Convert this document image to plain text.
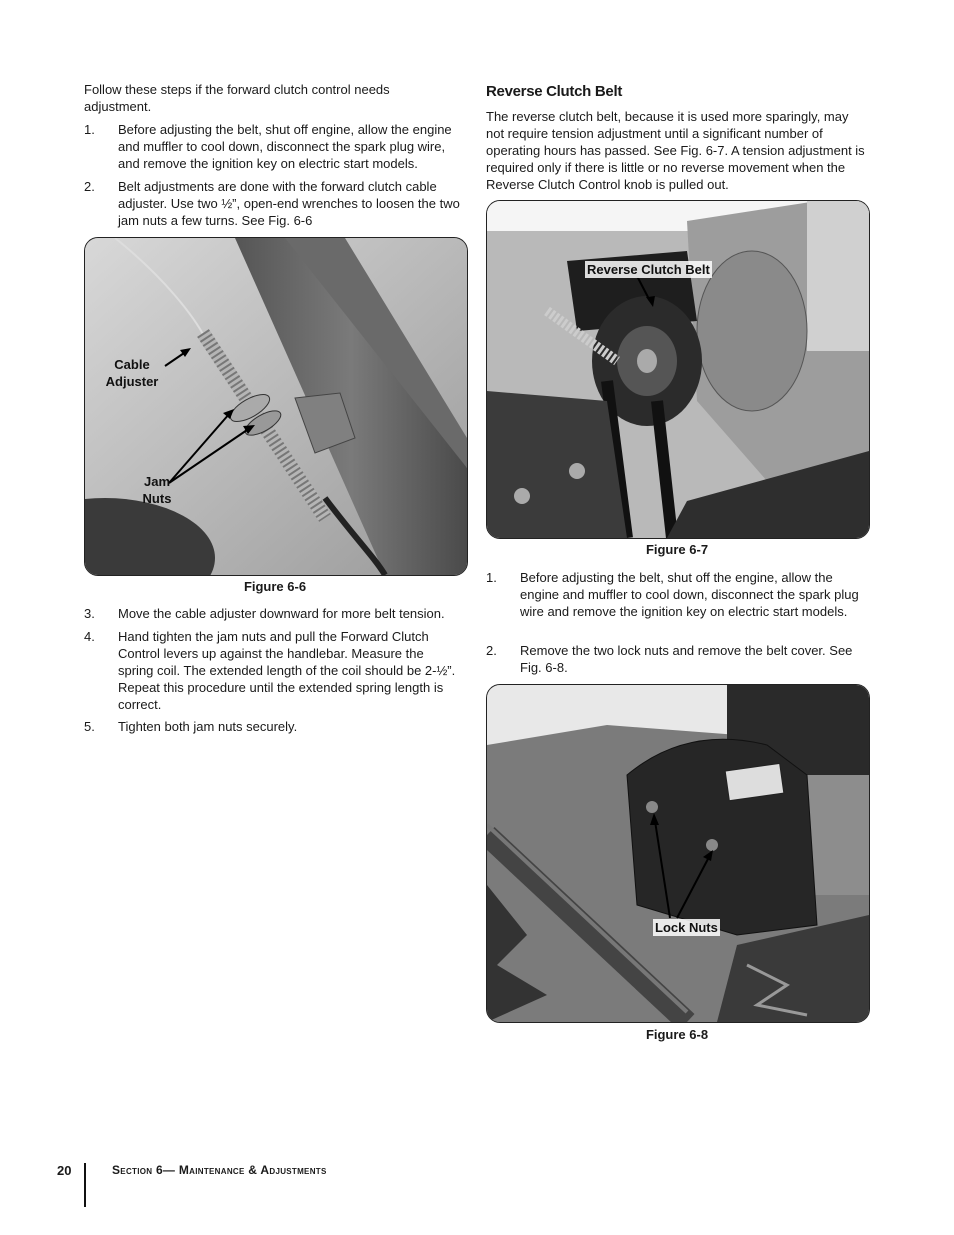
Follow these steps if the forward clutch control needs adjustment.
1. Before adjusting the belt, shut off engine, allow the engine and muffler to cool down, disconnect the spark plug wire, and remove the ignition key on electric start models.
2. Belt adjustments are done with the forward clutch cable adjuster. Use two ½”, open-end wrenches to loosen the two jam nuts a few turns. See Fig. 6-6
Cable Adjuster
Jam Nuts
Figure 6-6
3. Move the cable adjuster downward for more belt tension.
4. Hand tighten the jam nuts and pull the Forward Clutch Control levers up against the handlebar. Measure the spring coil. The extended length of the coil should be 2-½”. Repeat this procedure until the extended spring length is correct.
5. Tighten both jam nuts securely.
Reverse Clutch Belt
The reverse clutch belt, because it is used more sparingly, may not require tension adjustment until a significant number of operating hours has passed. See Fig. 6-7. A tension adjustment is required only if there is little or no reverse movement when the Reverse Clutch Control knob is pulled out.
Reverse Clutch Belt
Figure 6-7
1. Before adjusting the belt, shut off the engine, allow the engine and muffler to cool down, disconnect the spark plug wire and remove the ignition key on electric start models.
2. Remove the two lock nuts and remove the belt cover. See Fig. 6-8.
Lock Nuts
Figure 6-8
20	Section 6— Maintenance & Adjustments
